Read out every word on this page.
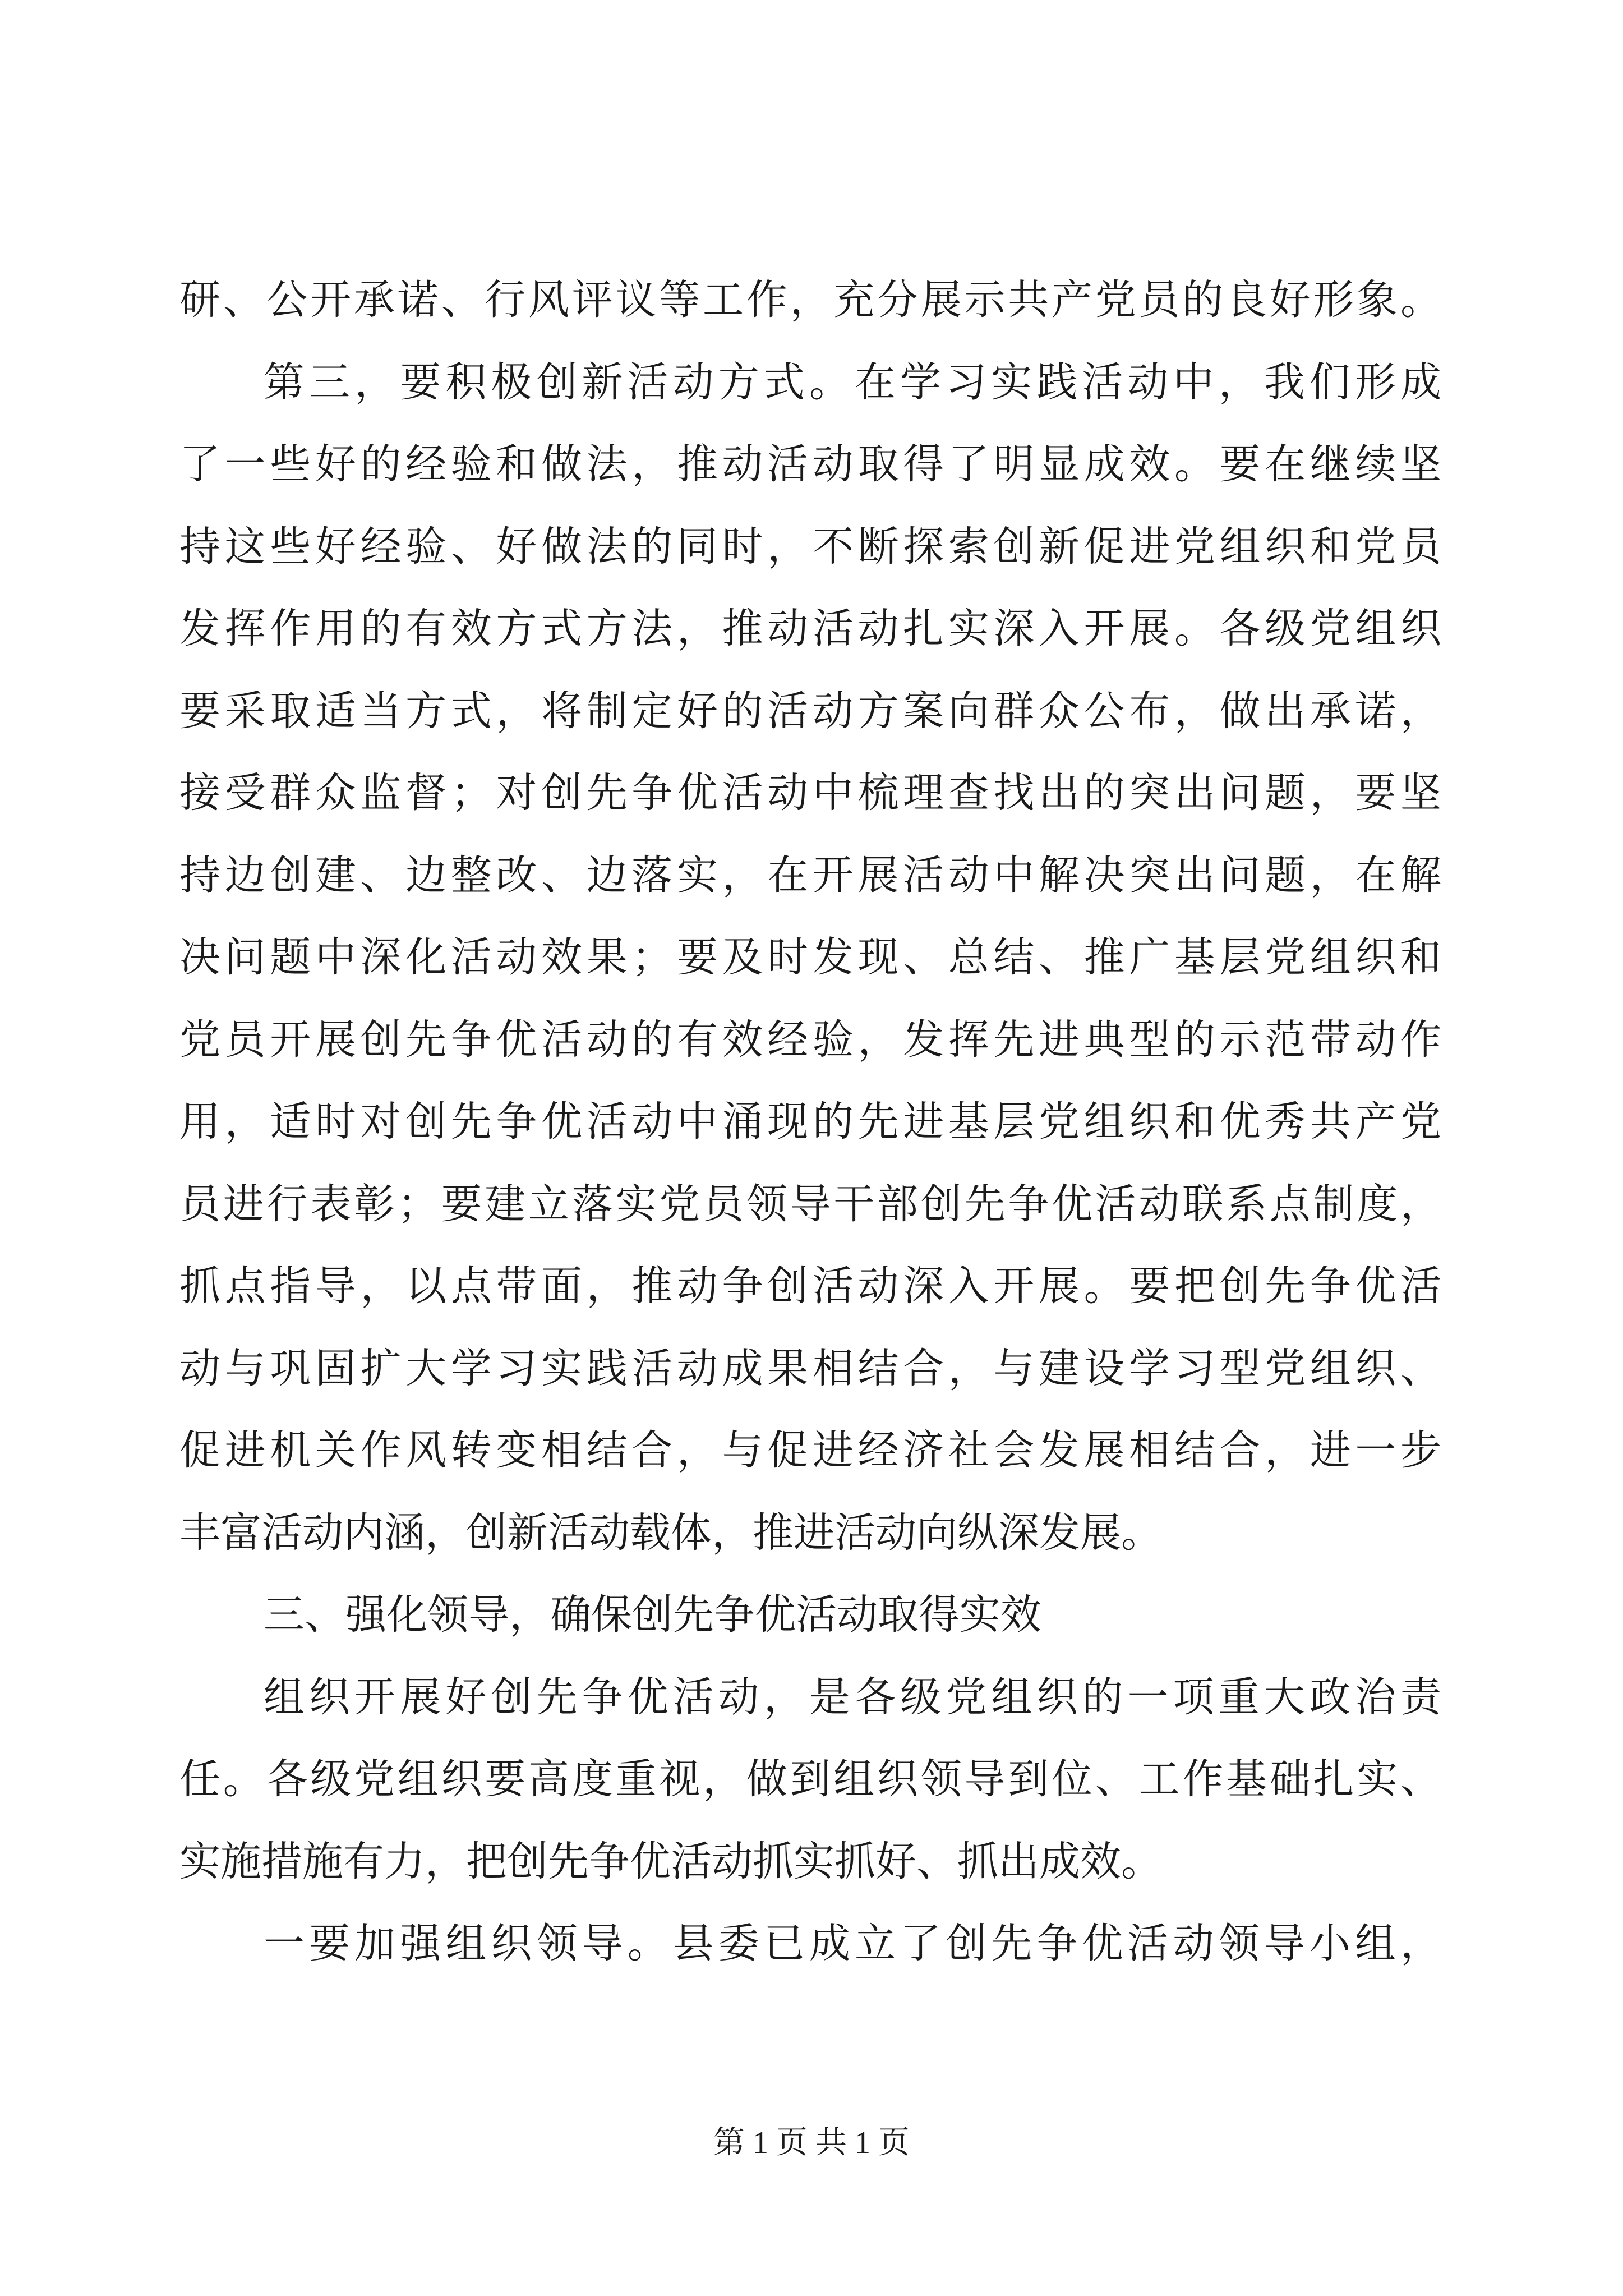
研、公开承诺、行风评议等工作，充分展示共产党员的良好形象。
第三，要积极创新活动方式。在学习实践活动中，我们形成
了一些好的经验和做法，推动活动取得了明显成效。要在继续坚
持这些好经验、好做法的同时，不断探索创新促进党组织和党员
发挥作用的有效方式方法，推动活动扎实深入开展。各级党组织
要采取适当方式，将制定好的活动方案向群众公布，做出承诺，
接受群众监督；对创先争优活动中梳理查找出的突出问题，要坚
持边创建、边整改、边落实，在开展活动中解决突出问题，在解
决问题中深化活动效果；要及时发现、总结、推广基层党组织和
党员开展创先争优活动的有效经验，发挥先进典型的示范带动作
用，适时对创先争优活动中涌现的先进基层党组织和优秀共产党
员进行表彰；要建立落实党员领导干部创先争优活动联系点制度，
抓点指导，以点带面，推动争创活动深入开展。要把创先争优活
动与巩固扩大学习实践活动成果相结合，与建设学习型党组织、
促进机关作风转变相结合，与促进经济社会发展相结合，进一步
丰富活动内涵，创新活动载体，推进活动向纵深发展。
三、强化领导，确保创先争优活动取得实效
组织开展好创先争优活动，是各级党组织的一项重大政治责
任。各级党组织要高度重视，做到组织领导到位、工作基础扎实、
实施措施有力，把创先争优活动抓实抓好、抓出成效。
一要加强组织领导。县委已成立了创先争优活动领导小组，
第 1 页 共 1 页
